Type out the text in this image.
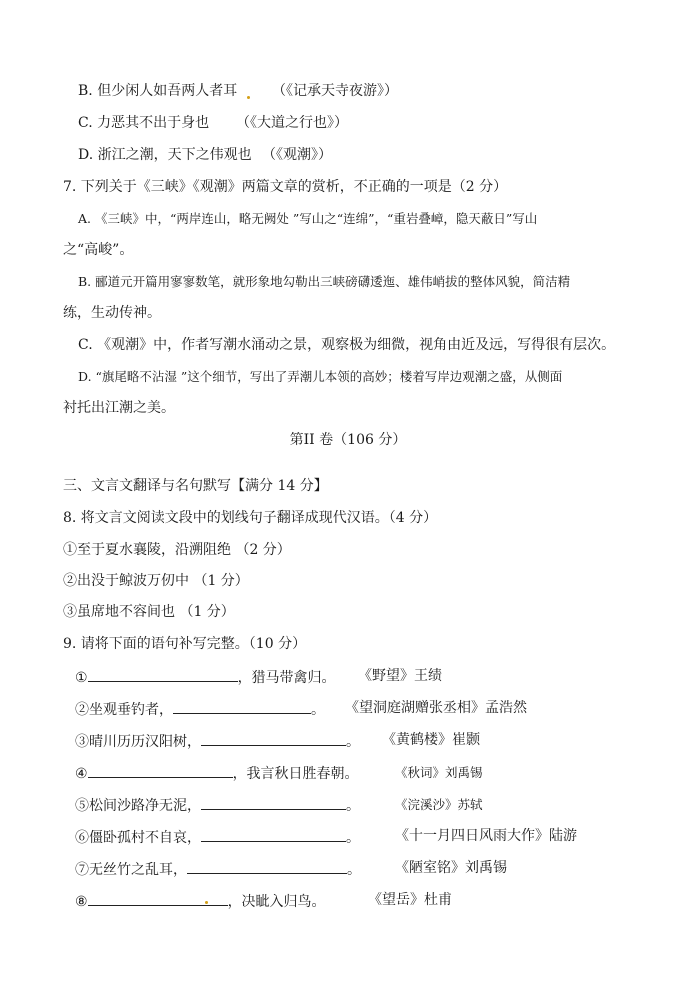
B. 但少闲人如吾两人者耳 （《记承天寺夜游》）
C. 力恶其不出于身也 （《大道之行也》）
D. 浙江之潮，天下之伟观也 （《观潮》）
7. 下列关于《三峡》《观潮》两篇文章的赏析，不正确的一项是（2 分）
A. 《三峡》中，“两岸连山，略无阙处 ”写山之“连绵”，“重岩叠嶂，隐天蔽日”写山
之“高峻”。
B. 郦道元开篇用寥寥数笔，就形象地勾勒出三峡磅礴逶迤、雄伟峭拔的整体风貌，简洁精
练，生动传神。
C. 《观潮》中，作者写潮水涌动之景，观察极为细微，视角由近及远，写得很有层次。
D. “旗尾略不沾湿 ”这个细节，写出了弄潮儿本领的高妙；楼着写岸边观潮之盛，从侧面
衬托出江潮之美。
第II 卷（106 分）
三、文言文翻译与名句默写【满分 14 分】
8. 将文言文阅读文段中的划线句子翻译成现代汉语。（4 分）
①至于夏水襄陵，沿溯阻绝 （2 分）
②出没于鲸波万仞中 （1 分）
③虽席地不容间也 （1 分）
9. 请将下面的语句补写完整。（10 分）
①	，猎马带禽归。 《野望》王绩
②坐观垂钓者，	。 《望洞庭湖赠张丞相》孟浩然
③晴川历历汉阳树，	。 《黄鹤楼》崔颢
④	，我言秋日胜春朝。	《秋词》刘禹锡
⑤松间沙路净无泥，	。	《浣溪沙》苏轼
⑥僵卧孤村不自哀，	。	《十一月四日风雨大作》陆游
⑦无丝竹之乱耳，	。 《陋室铭》刘禹锡
⑧	，决眦入归鸟。	《望岳》杜甫
